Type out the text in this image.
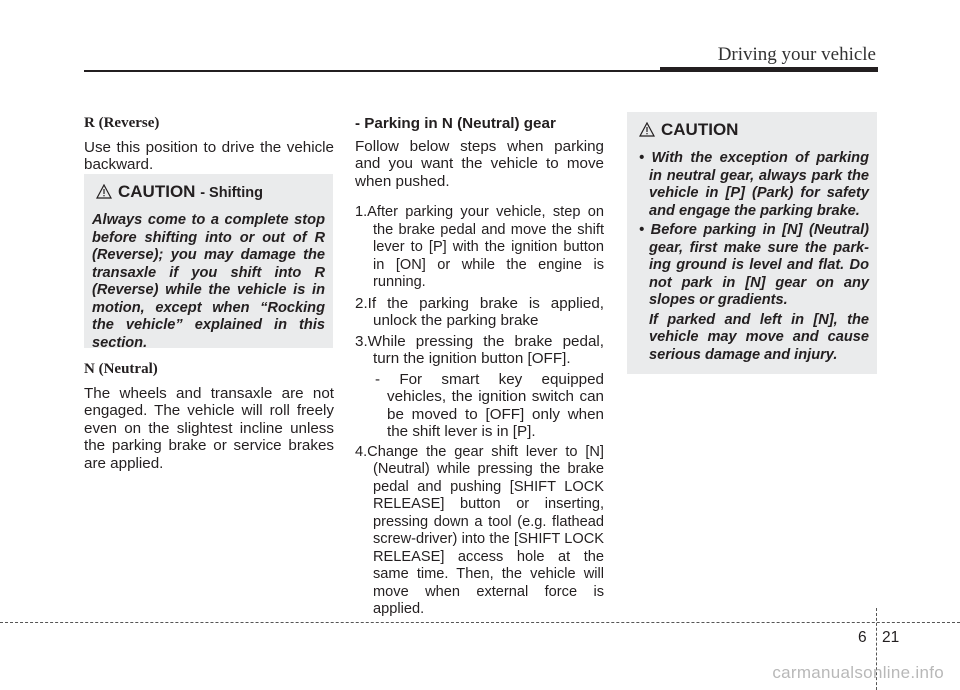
Driving your vehicle

R (Reverse)

Use this position to drive the vehicle backward.

CAUTION - Shifting

Always come to a complete stop before shifting into or out of R (Reverse); you may damage the transaxle if you shift into R (Reverse) while the vehicle is in motion, except when “Rocking the vehicle” explained in this section.

N (Neutral)

The wheels and transaxle are not engaged. The vehicle will roll freely even on the slightest incline unless the parking brake or service brakes are applied.

- Parking in N (Neutral) gear

Follow below steps when parking and you want the vehicle to move when pushed.

1.After parking your vehicle, step on the brake pedal and move the shift lever to [P] with the ignition button in [ON] or while the engine is running.

2.If the parking brake is applied, unlock the parking brake

3.While pressing the brake pedal, turn the ignition button [OFF].

- For smart key equipped vehicles, the ignition switch can be moved to [OFF] only when the shift lever is in [P].

4.Change the gear shift lever to [N] (Neutral) while pressing the brake pedal and pushing [SHIFT LOCK RELEASE] button or inserting, pressing down a tool (e.g. flathead screw-driver) into the [SHIFT LOCK RELEASE] access hole at the same time. Then, the vehicle will move when external force is applied.

CAUTION

• With the exception of parking in neutral gear, always park the vehicle in [P] (Park) for safety and engage the parking brake.

• Before parking in [N] (Neutral) gear, first make sure the park-ing ground is level and flat. Do not park in [N] gear on any slopes or gradients.

If parked and left in [N], the vehicle may move and cause serious damage and injury.

6 21
carmanualsonline.info
